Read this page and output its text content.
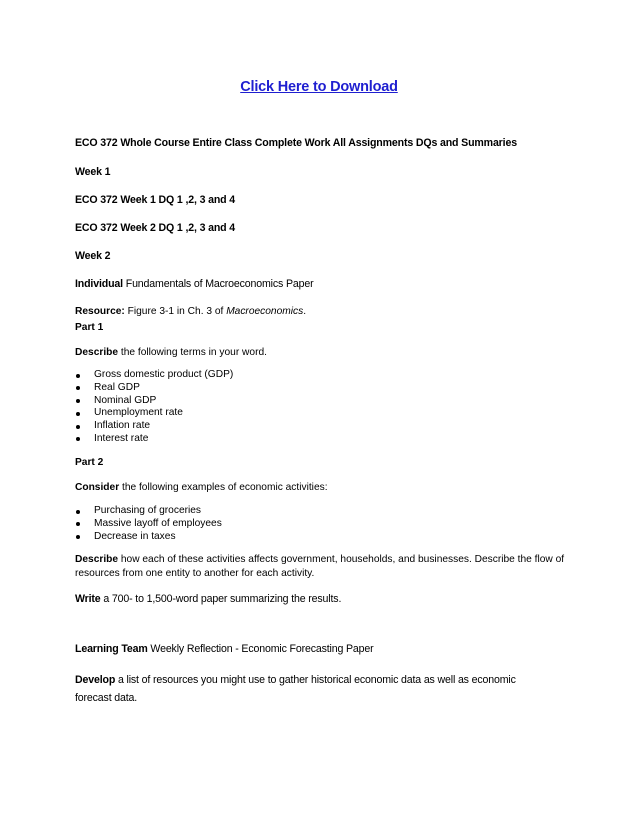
Click Here to Download

ECO 372 Whole Course Entire Class Complete Work All Assignments DQs and Summaries

Week 1

ECO 372 Week 1 DQ 1 ,2, 3 and 4

ECO 372 Week 2 DQ 1 ,2, 3 and 4

Week 2

Individual Fundamentals of Macroeconomics Paper

Resource: Figure 3-1 in Ch. 3 of Macroeconomics.

Part 1

Describe the following terms in your word.

Gross domestic product (GDP)
Real GDP
Nominal GDP
Unemployment rate
Inflation rate
Interest rate

Part 2

Consider the following examples of economic activities:

Purchasing of groceries
Massive layoff of employees
Decrease in taxes

Describe how each of these activities affects government, households, and businesses. Describe the flow of resources from one entity to another for each activity.

Write a 700- to 1,500-word paper summarizing the results.

Learning Team Weekly Reflection - Economic Forecasting Paper

Develop a list of resources you might use to gather historical economic data as well as economic forecast data.
